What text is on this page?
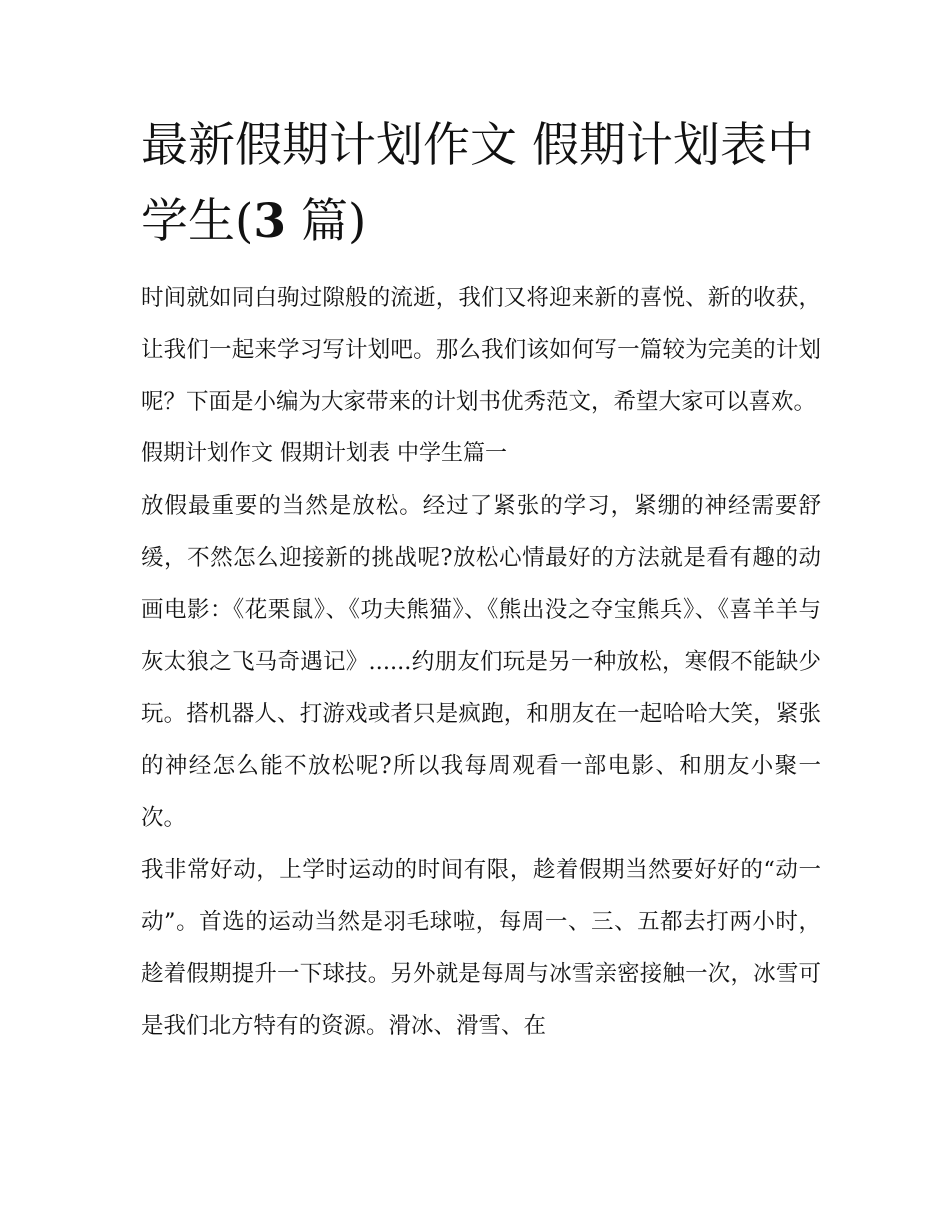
最新假期计划作文 假期计划表中学生(3 篇)

时间就如同白驹过隙般的流逝，我们又将迎来新的喜悦、新的收获，让我们一起来学习写计划吧。那么我们该如何写一篇较为完美的计划呢？下面是小编为大家带来的计划书优秀范文，希望大家可以喜欢。

假期计划作文 假期计划表 中学生篇一

放假最重要的当然是放松。经过了紧张的学习，紧绷的神经需要舒缓，不然怎么迎接新的挑战呢?放松心情最好的方法就是看有趣的动画电影：《花栗鼠》、《功夫熊猫》、《熊出没之夺宝熊兵》、《喜羊羊与灰太狼之飞马奇遇记》......约朋友们玩是另一种放松，寒假不能缺少玩。搭机器人、打游戏或者只是疯跑，和朋友在一起哈哈大笑，紧张的神经怎么能不放松呢?所以我每周观看一部电影、和朋友小聚一次。

我非常好动，上学时运动的时间有限，趁着假期当然要好好的“动一动”。首选的运动当然是羽毛球啦，每周一、三、五都去打两小时，趁着假期提升一下球技。另外就是每周与冰雪亲密接触一次，冰雪可是我们北方特有的资源。滑冰、滑雪、在
